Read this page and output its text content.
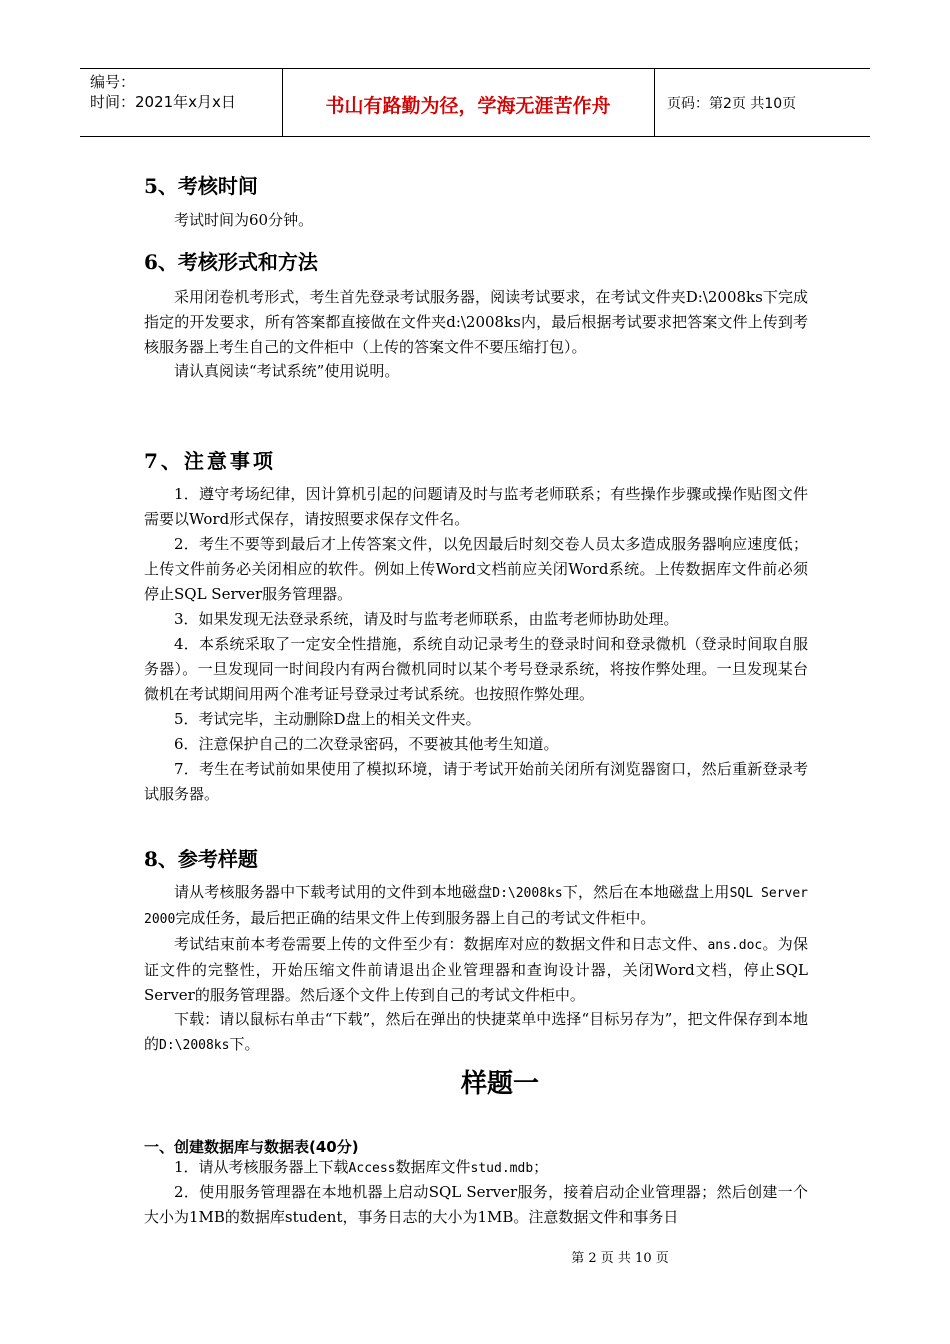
编号：
时间：2021年x月x日	书山有路勤为径，学海无涯苦作舟	页码：第2页 共10页
5、考核时间
考试时间为60分钟。
6、考核形式和方法
采用闭卷机考形式，考生首先登录考试服务器，阅读考试要求，在考试文件夹D:\2008ks下完成指定的开发要求，所有答案都直接做在文件夹d:\2008ks内，最后根据考试要求把答案文件上传到考核服务器上考生自己的文件柜中（上传的答案文件不要压缩打包）。
请认真阅读“考试系统”使用说明。
7、注意事项
1．遵守考场纪律，因计算机引起的问题请及时与监考老师联系；有些操作步骤或操作贴图文件需要以Word形式保存，请按照要求保存文件名。
2．考生不要等到最后才上传答案文件，以免因最后时刻交卷人员太多造成服务器响应速度低；上传文件前务必关闭相应的软件。例如上传Word文档前应关闭Word系统。上传数据库文件前必须停止SQL Server服务管理器。
3．如果发现无法登录系统，请及时与监考老师联系，由监考老师协助处理。
4．本系统采取了一定安全性措施，系统自动记录考生的登录时间和登录微机（登录时间取自服务器）。一旦发现同一时间段内有两台微机同时以某个考号登录系统，将按作弊处理。一旦发现某台微机在考试期间用两个准考证号登录过考试系统。也按照作弊处理。
5．考试完毕，主动删除D盘上的相关文件夹。
6．注意保护自己的二次登录密码，不要被其他考生知道。
7．考生在考试前如果使用了模拟环境，请于考试开始前关闭所有浏览器窗口，然后重新登录考试服务器。
8、参考样题
请从考核服务器中下载考试用的文件到本地磁盘D:\2008ks下，然后在本地磁盘上用SQL Server 2000完成任务，最后把正确的结果文件上传到服务器上自己的考试文件柜中。
考试结束前本考卷需要上传的文件至少有：数据库对应的数据文件和日志文件、ans.doc。为保证文件的完整性，开始压缩文件前请退出企业管理器和查询设计器，关闭Word文档，停止SQL Server的服务管理器。然后逐个文件上传到自己的考试文件柜中。
下载：请以鼠标右单击“下载”，然后在弹出的快捷菜单中选择“目标另存为”，把文件保存到本地的D:\2008ks下。
样题一
一、创建数据库与数据表(40分)
1．请从考核服务器上下载Access数据库文件stud.mdb；
2．使用服务管理器在本地机器上启动SQL Server服务，接着启动企业管理器；然后创建一个大小为1MB的数据库student，事务日志的大小为1MB。注意数据文件和事务日
第 2 页 共 10 页
